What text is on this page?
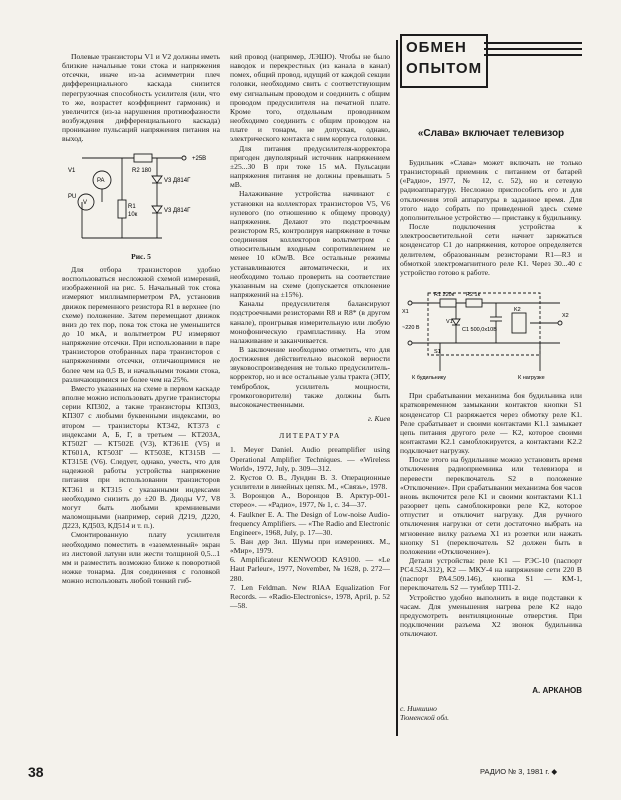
Полевые транзисторы V1 и V2 должны иметь близкие начальные токи стока и напряжения отсечки, иначе из-за асимметрии плеч дифференциального каскада снизится перегрузочная способность усилителя (или, что то же, возрастет коэффициент гармоник) и увеличится (из-за нарушения противофазности возбуждения дифференциального каскада) проникание пульсаций напряжения питания на выход.

+25В
R2 180
V3 Д814Г
V1
PA
PU
V
R1
10к
V3 Д814Г
Рис. 5

Для отбора транзисторов удобно воспользоваться несложной схемой измерений, изображенной на рис. 5. Начальный ток стока измеряют миллиамперметром PA, установив движок переменного резистора R1 в верхнее (по схеме) положение. Затем перемещают движок вниз до тех пор, пока ток стока не уменьшится до 10 мкА, и вольтметром PU измеряют напряжение отсечки. При использовании в паре транзисторов отобранных пара транзисторов с напряжениями отсечки, отличающимися не более чем на 0,5 В, и начальными токами стока, различающимися не более чем на 25%.

Вместо указанных на схеме в первом каскаде вполне можно использовать другие транзисторы серии КП302, а также транзисторы КП303, КП307 с любыми буквенными индексами, во втором — транзисторы КТ342, КТ373 с индексами А, Б, Г, в третьем — КТ203А, КТ502Г — КТ502Е (V3), КТ361Е (V5) и КТ601А, КТ503Г — КТ503Е, КТ315В — КТ315Е (V6). Следует, однако, учесть, что для надежной работы устройства напряжение питания при использовании транзисторов КТ361 и КТ315 с указанными индексами необходимо снизить до ±20 В. Диоды V7, V8 могут быть любыми кремниевыми маломощными (например, серий Д219, Д220, Д223, КД503, КД514 и т. п.).

Смонтированную плату усилителя необходимо поместить в «заземленный» экран из листовой латуни или жести толщиной 0,5...1 мм и разместить возможно ближе к поворотной ножке тонарма. Для соединения с головкой можно использовать любой тонкий гиб-

кий провод (например, ЛЭШО). Чтобы не было наводок и перекрестных (из канала в канал) помех, общий провод, идущий от каждой секции головки, необходимо свить с соответствующим ему сигнальным проводом и соединить с общим проводом предусилителя на печатной плате. Кроме того, отдельным проводником необходимо соединить с общим проводом на плате и тонарм, не допуская, однако, электрического контакта с ним корпуса головки.

Для питания предусилителя-корректора пригоден двуполярный источник напряжением ±25...30 В при токе 15 мА. Пульсации напряжения питания не должны превышать 5 мВ.

Налаживание устройства начинают с установки на коллекторах транзисторов V5, V6 нулевого (по отношению к общему проводу) напряжения. Делают это подстроечным резистором R5, контролируя напряжение в точке соединения коллекторов вольтметром с относительным входным сопротивлением не менее 10 кОм/В. Все остальные режимы устанавливаются автоматически, и их необходимо только проверить на соответствие указанным на схеме (допускается отклонение напряжений на ±15%).

Каналы предусилителя балансируют подстроечными резисторами R8 и R8* (в другом канале), проигрывая измерительную или любую монофоническую грампластинку. На этом налаживание и заканчивается.

В заключение необходимо отметить, что для достижения действительно высокой верности звуковоспроизведения не только предусилитель-корректор, но и все остальные узлы тракта (ЭПУ, темброблок, усилитель мощности, громкоговорители) также должны быть высококачественными.

г. Киев
ЛИТЕРАТУРА

1. Meyer Daniel. Audio preamplifier using Operational Amplifier Techniques. — «Wireless World», 1972, July, p. 309—312.

2. Кустов О. В., Лундин В. З. Операционные усилители в линейных цепях. М., «Связь», 1978.

3. Воронцов А., Воронцов В. Арктур-001-стерео». — «Радио», 1977, № 1, с. 34—37.

4. Faulkner E. A. The Design of Low-noise Audio-frequency Amplifiers. — «The Radio and Electronic Engineer», 1968, July, p. 17—30.

5. Ван дер Зил. Шумы при измерениях. М., «Мир», 1979.

6. Amplificateur KENWOOD KA9100. — «Le Haut Parleur», 1977, November, № 1628, p. 272—280.

7. Len Feldman. New RIAA Equalization For Records. — «Radio-Electronics», 1978, April, p. 52—58.

ОБМЕН
ОПЫТОМ
«Слава» включает телевизор

Будильник «Слава» может включать не только транзисторный приемник с питанием от батарей («Радио», 1977, № 12, с. 52), но и сетевую радиоаппаратуру. Несложно приспособить его и для отключения этой аппаратуры в заданное время. Для этого надо собрать по приведенной здесь схеме дополнительное устройство — приставку к будильнику.

После подключения устройства к электроосветительной сети начнет заряжаться конденсатор C1 до напряжения, которое определяется делителем, образованным резисторами R1—R3 и обмоткой электромагнитного реле K1. Через 30...40 с устройство готово к работе.

R1 220к R2 1к
C1 500,0x10В
V1
K2
S1
X1
X2
~220 В
К будильнику	К нагрузке

При срабатывании механизма боя будильника или кратковременном замыкании контактов кнопки S1 конденсатор C1 разряжается через обмотку реле K1. Реле срабатывает и своими контактами K1.1 замыкает цепь питания другого реле — K2, которое своими контактами K2.1 самоблокируется, а контактами K2.2 подключает нагрузку.

После этого на будильнике можно установить время отключения радиоприемника или телевизора и перевести переключатель S2 в положение «Отключение». При срабатывании механизма боя часов вновь включится реле K1 и своими контактами K1.1 разорвет цепь самоблокировки реле K2, которое отпустит и отключит нагрузку. Для ручного отключения нагрузки от сети достаточно выбрать на мгновение вилку разъема X1 из розетки или нажать кнопку S1 (переключатель S2 должен быть в положении «Отключение»).

Детали устройства: реле K1 — РЭС-10 (паспорт РС4.524.312), K2 — МКУ-4 на напряжение сети 220 В (паспорт РА4.509.146), кнопка S1 — КМ-1, переключатель S2 — тумблер ТП1-2.

Устройство удобно выполнить в виде подставки к часам. Для уменьшения нагрева реле K2 надо предусмотреть вентиляционные отверстия. При подключении разъема X2 звонок будильника отключают.

А. АРКАНОВ
с. Ниншино
Тюменской обл.
38	РАДИО № 3, 1981 г. ◆
